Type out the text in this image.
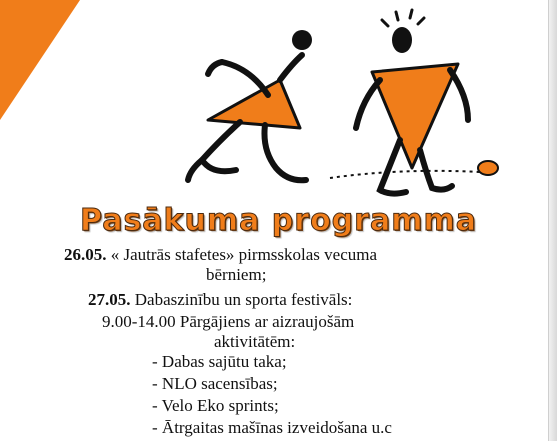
Pasākuma programma
26.05. « Jautrās stafetes» pirmsskolas vecuma
bērniem;
27.05. Dabaszinību un sporta festivāls:
9.00-14.00 Pārgājiens ar aizraujošām
aktivitātēm:
- Dabas sajūtu taka;
- NLO sacensības;
- Velo Eko sprints;
- Ātrgaitas mašīnas izveidošana u.c
